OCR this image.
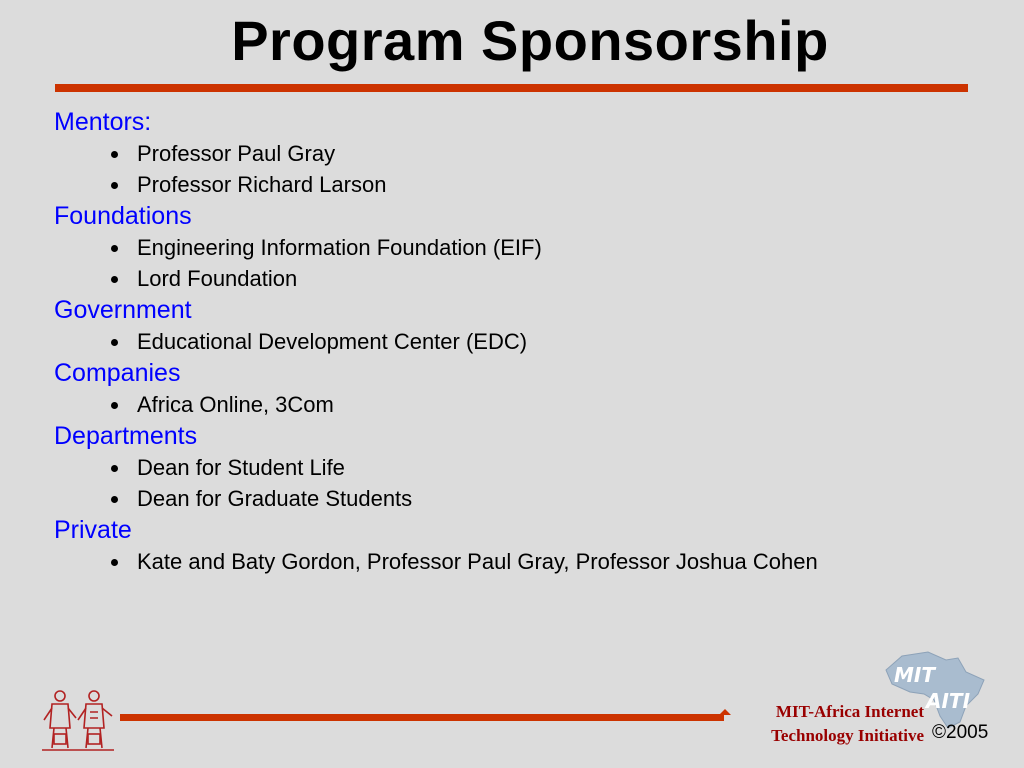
Program Sponsorship
Mentors:
Professor Paul Gray
Professor Richard Larson
Foundations
Engineering Information Foundation (EIF)
Lord Foundation
Government
Educational Development Center (EDC)
Companies
Africa Online, 3Com
Departments
Dean for Student Life
Dean for Graduate Students
Private
Kate and Baty Gordon, Professor Paul Gray, Professor Joshua Cohen
MIT
AITI
MIT-Africa Internet
Technology Initiative ©2005
